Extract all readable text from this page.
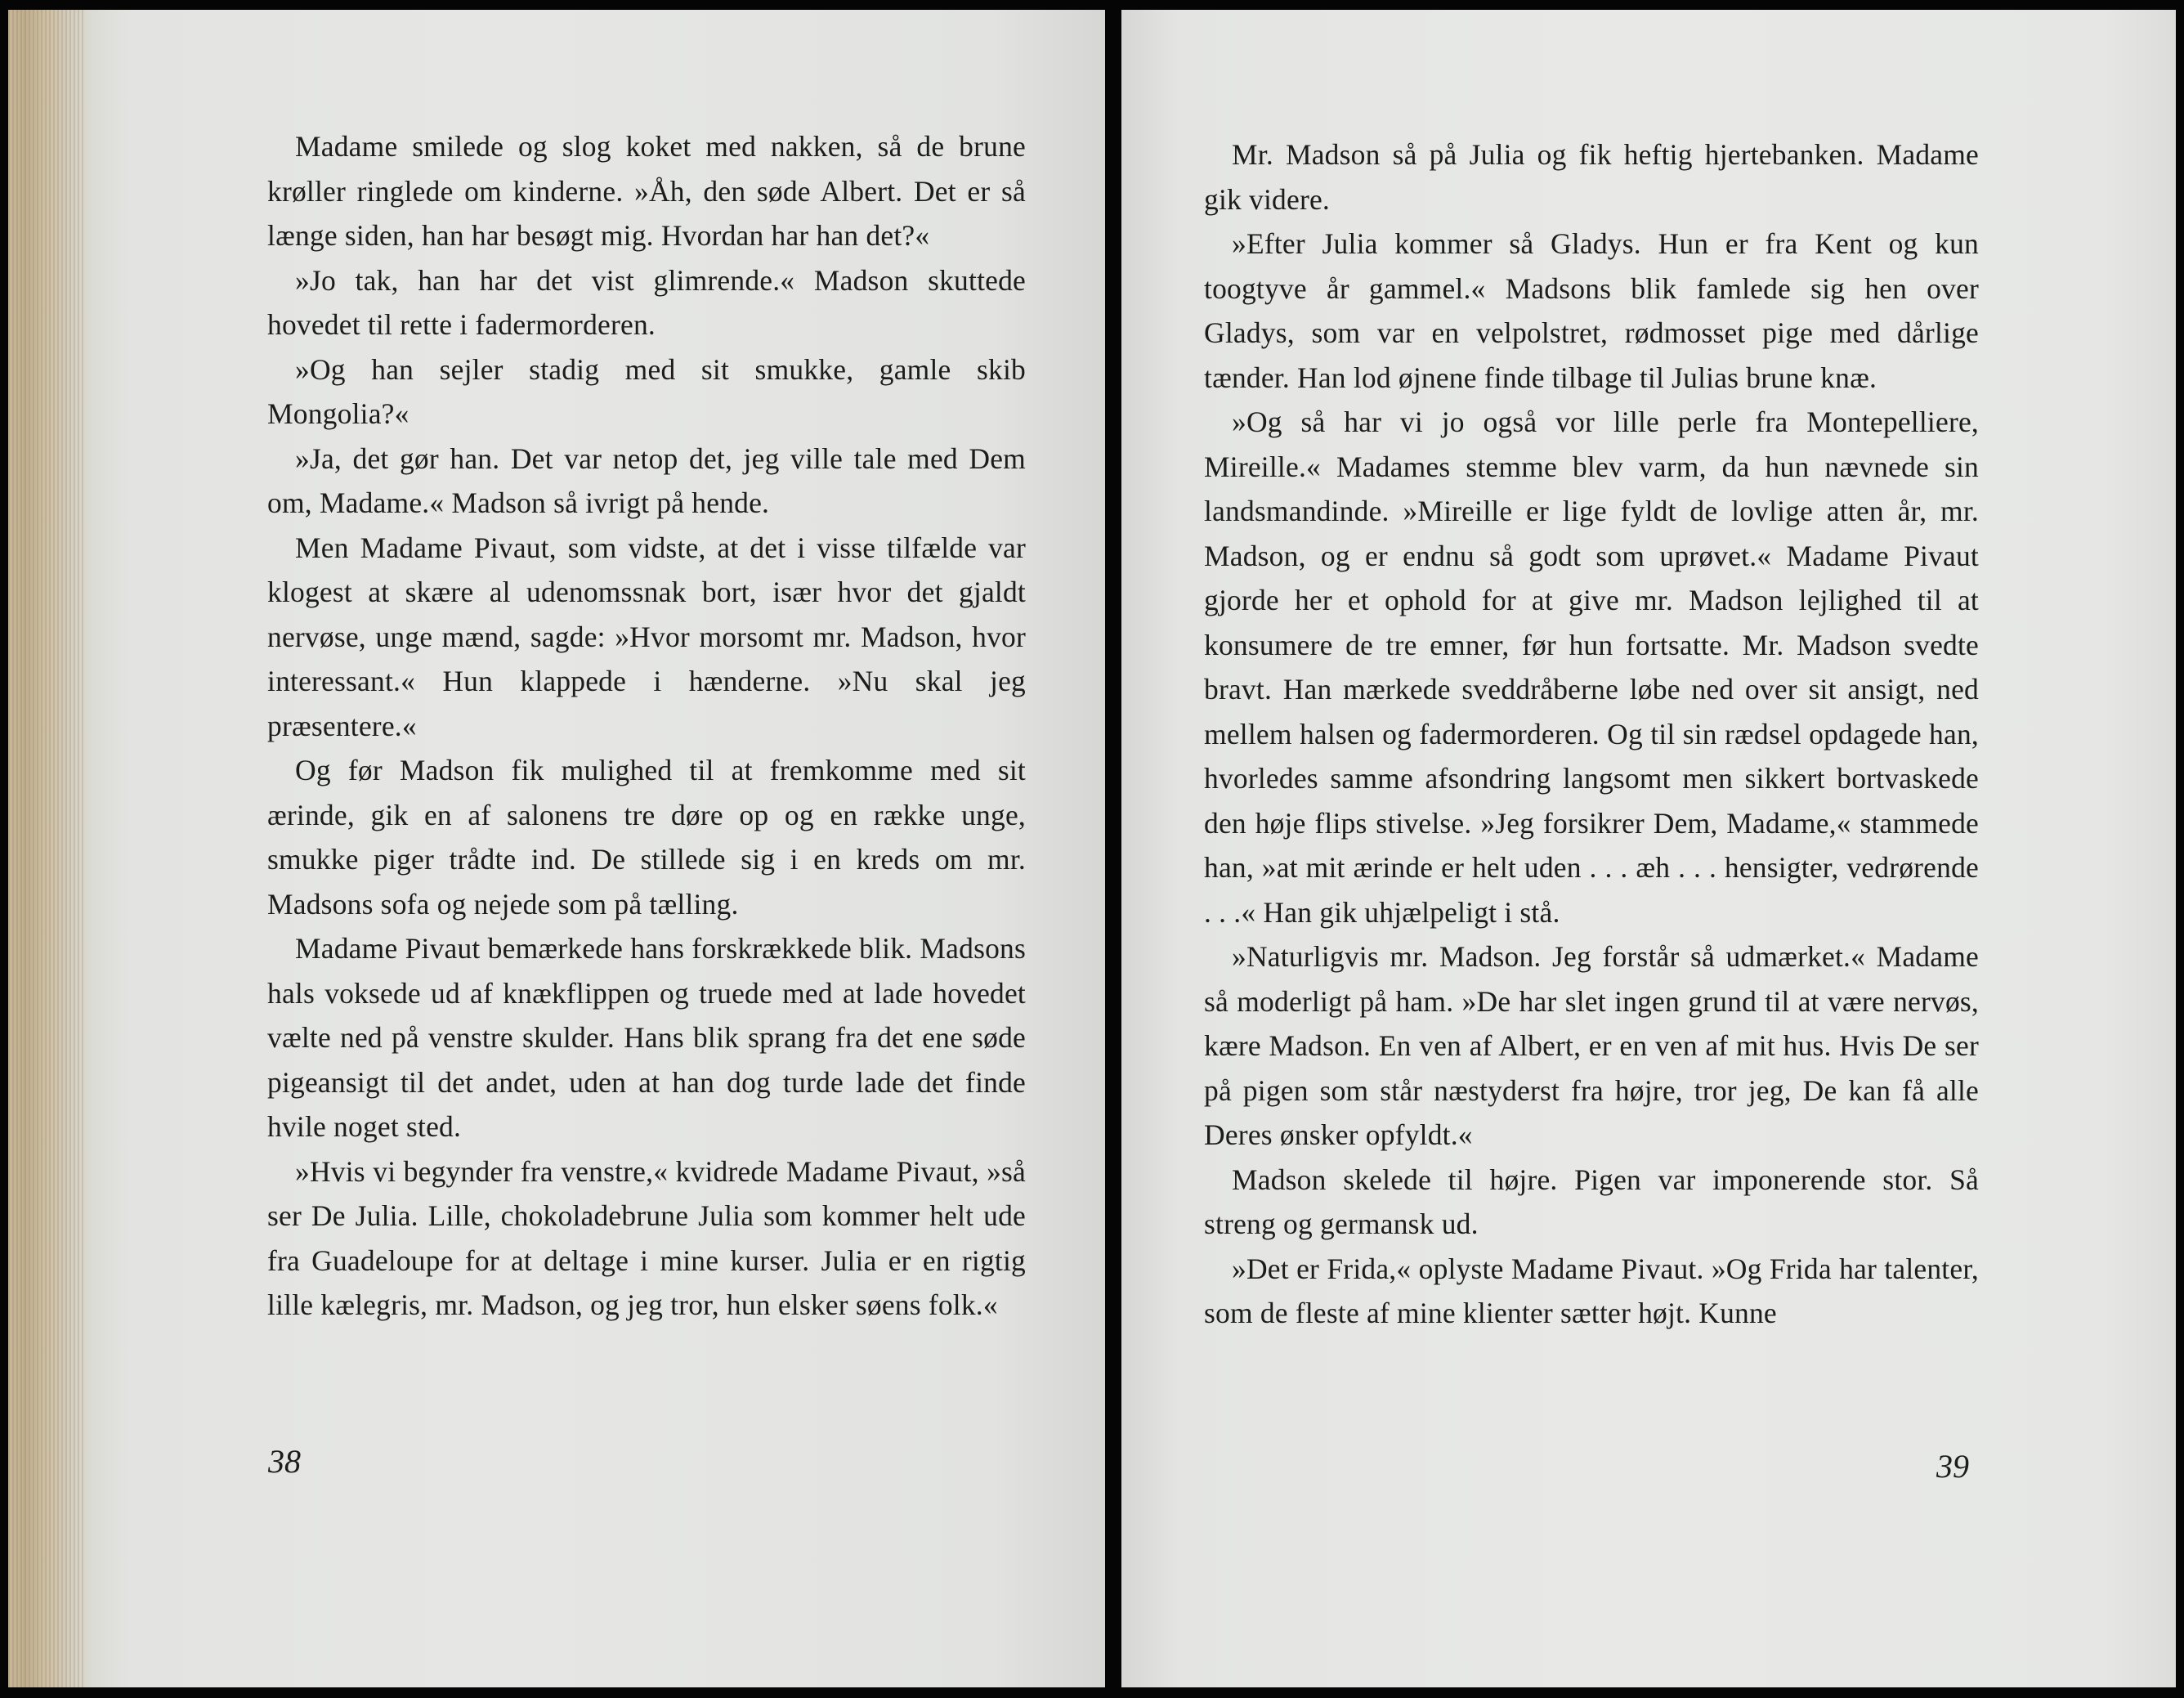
Madame smilede og slog koket med nakken, så de brune krøller ringlede om kinderne. »Åh, den søde Albert. Det er så længe siden, han har besøgt mig. Hvordan har han det?«

»Jo tak, han har det vist glimrende.« Madson skuttede hovedet til rette i fadermorderen.

»Og han sejler stadig med sit smukke, gamle skib Mongolia?«

»Ja, det gør han. Det var netop det, jeg ville tale med Dem om, Madame.« Madson så ivrigt på hende.

Men Madame Pivaut, som vidste, at det i visse tilfælde var klogest at skære al udenomssnak bort, især hvor det gjaldt nervøse, unge mænd, sagde: »Hvor morsomt mr. Madson, hvor interessant.« Hun klappede i hænderne. »Nu skal jeg præsentere.«

Og før Madson fik mulighed til at fremkomme med sit ærinde, gik en af salonens tre døre op og en række unge, smukke piger trådte ind. De stillede sig i en kreds om mr. Madsons sofa og nejede som på tælling.

Madame Pivaut bemærkede hans forskrækkede blik. Madsons hals voksede ud af knækflippen og truede med at lade hovedet vælte ned på venstre skulder. Hans blik sprang fra det ene søde pigeansigt til det andet, uden at han dog turde lade det finde hvile noget sted.

»Hvis vi begynder fra venstre,« kvidrede Madame Pivaut, »så ser De Julia. Lille, chokoladebrune Julia som kommer helt ude fra Guadeloupe for at deltage i mine kurser. Julia er en rigtig lille kælegris, mr. Madson, og jeg tror, hun elsker søens folk.«

38

Mr. Madson så på Julia og fik heftig hjertebanken. Madame gik videre.

»Efter Julia kommer så Gladys. Hun er fra Kent og kun toogtyve år gammel.« Madsons blik famlede sig hen over Gladys, som var en velpolstret, rødmosset pige med dårlige tænder. Han lod øjnene finde tilbage til Julias brune knæ.

»Og så har vi jo også vor lille perle fra Montepelliere, Mireille.« Madames stemme blev varm, da hun nævnede sin landsmandinde. »Mireille er lige fyldt de lovlige atten år, mr. Madson, og er endnu så godt som uprøvet.« Madame Pivaut gjorde her et ophold for at give mr. Madson lejlighed til at konsumere de tre emner, før hun fortsatte. Mr. Madson svedte bravt. Han mærkede sveddråberne løbe ned over sit ansigt, ned mellem halsen og fadermorderen. Og til sin rædsel opdagede han, hvorledes samme afsondring langsomt men sikkert bortvaskede den høje flips stivelse. »Jeg forsikrer Dem, Madame,« stammede han, »at mit ærinde er helt uden . . . æh . . . hensigter, vedrørende . . .« Han gik uhjælpeligt i stå.

»Naturligvis mr. Madson. Jeg forstår så udmærket.« Madame så moderligt på ham. »De har slet ingen grund til at være nervøs, kære Madson. En ven af Albert, er en ven af mit hus. Hvis De ser på pigen som står næstyderst fra højre, tror jeg, De kan få alle Deres ønsker opfyldt.«

Madson skelede til højre. Pigen var imponerende stor. Så streng og germansk ud.

»Det er Frida,« oplyste Madame Pivaut. »Og Frida har talenter, som de fleste af mine klienter sætter højt. Kunne

39
